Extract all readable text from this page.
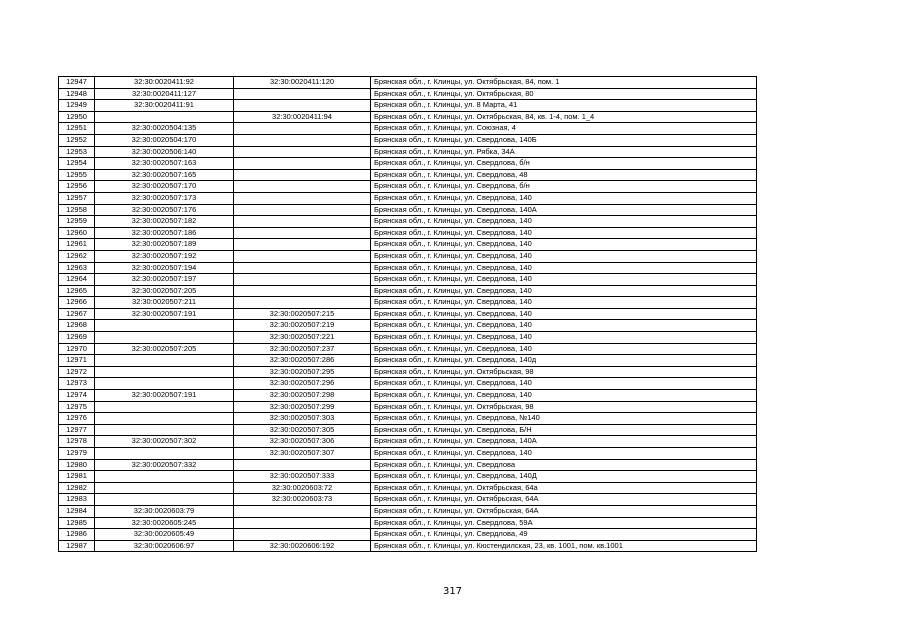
12947	32:30:0020411:92	32:30:0020411:120	Брянская обл., г. Клинцы, ул. Октябрьская, 84, пом. 1
12948	32:30:0020411:127		Брянская обл., г. Клинцы, ул. Октябрьская, 80
12949	32:30:0020411:91		Брянская обл., г. Клинцы, ул. 8 Марта, 41
12950		32:30:0020411:94	Брянская обл., г. Клинцы, ул. Октябрьская, 84, кв. 1-4, пом. 1_4
12951	32:30:0020504:135		Брянская обл., г. Клинцы, ул. Союзная, 4
12952	32:30:0020504:170		Брянская обл., г. Клинцы, ул. Свердлова, 140Б
12953	32:30:0020506:140		Брянская обл., г. Клинцы, ул. Рябка, 34А
12954	32:30:0020507:163		Брянская обл., г. Клинцы, ул. Свердлова, б/н
12955	32:30:0020507:165		Брянская обл., г. Клинцы, ул. Свердлова, 48
12956	32:30:0020507:170		Брянская обл., г. Клинцы, ул. Свердлова, б/н
12957	32:30:0020507:173		Брянская обл., г. Клинцы, ул. Свердлова, 140
12958	32:30:0020507:176		Брянская обл., г. Клинцы, ул. Свердлова, 140А
12959	32:30:0020507:182		Брянская обл., г. Клинцы, ул. Свердлова, 140
12960	32:30:0020507:186		Брянская обл., г. Клинцы, ул. Свердлова, 140
12961	32:30:0020507:189		Брянская обл., г. Клинцы, ул. Свердлова, 140
12962	32:30:0020507:192		Брянская обл., г. Клинцы, ул. Свердлова, 140
12963	32:30:0020507:194		Брянская обл., г. Клинцы, ул. Свердлова, 140
12964	32:30:0020507:197		Брянская обл., г. Клинцы, ул. Свердлова, 140
12965	32:30:0020507:205		Брянская обл., г. Клинцы, ул. Свердлова, 140
12966	32:30:0020507:211		Брянская обл., г. Клинцы, ул. Свердлова, 140
12967	32:30:0020507:191	32:30:0020507:215	Брянская обл., г. Клинцы, ул. Свердлова, 140
12968		32:30:0020507:219	Брянская обл., г. Клинцы, ул. Свердлова, 140
12969		32:30:0020507:221	Брянская обл., г. Клинцы, ул. Свердлова, 140
12970	32:30:0020507:205	32:30:0020507:237	Брянская обл., г. Клинцы, ул. Свердлова, 140
12971		32:30:0020507:286	Брянская обл., г. Клинцы, ул. Свердлова, 140д
12972		32:30:0020507:295	Брянская обл., г. Клинцы, ул. Октябрьская, 98
12973		32:30:0020507:296	Брянская обл., г. Клинцы, ул. Свердлова, 140
12974	32:30:0020507:191	32:30:0020507:298	Брянская обл., г. Клинцы, ул. Свердлова, 140
12975		32:30:0020507:299	Брянская обл., г. Клинцы, ул. Октябрьская, 98
12976		32:30:0020507:303	Брянская обл., г. Клинцы, ул. Свердлова, №140
12977		32:30:0020507:305	Брянская обл., г. Клинцы, ул. Свердлова, Б/Н
12978	32:30:0020507:302	32:30:0020507:306	Брянская обл., г. Клинцы, ул. Свердлова, 140А
12979		32:30:0020507:307	Брянская обл., г. Клинцы, ул. Свердлова, 140
12980	32:30:0020507:332		Брянская обл., г. Клинцы, ул. Свердлова
12981		32:30:0020507:333	Брянская обл., г. Клинцы, ул. Свердлова, 140Д
12982		32:30:0020603:72	Брянская обл., г. Клинцы, ул. Октябрьская, 64а
12983		32:30:0020603:73	Брянская обл., г. Клинцы, ул. Октябрьская, 64А
12984	32:30:0020603:79		Брянская обл., г. Клинцы, ул. Октябрьская, 64А
12985	32:30:0020605:245		Брянская обл., г. Клинцы, ул. Свердлова, 59А
12986	32:30:0020605:49		Брянская обл., г. Клинцы, ул. Свердлова, 49
12987	32:30:0020606:97	32:30:0020606:192	Брянская обл., г. Клинцы, ул. Кюстендилская, 23, кв. 1001, пом. кв.1001
317
